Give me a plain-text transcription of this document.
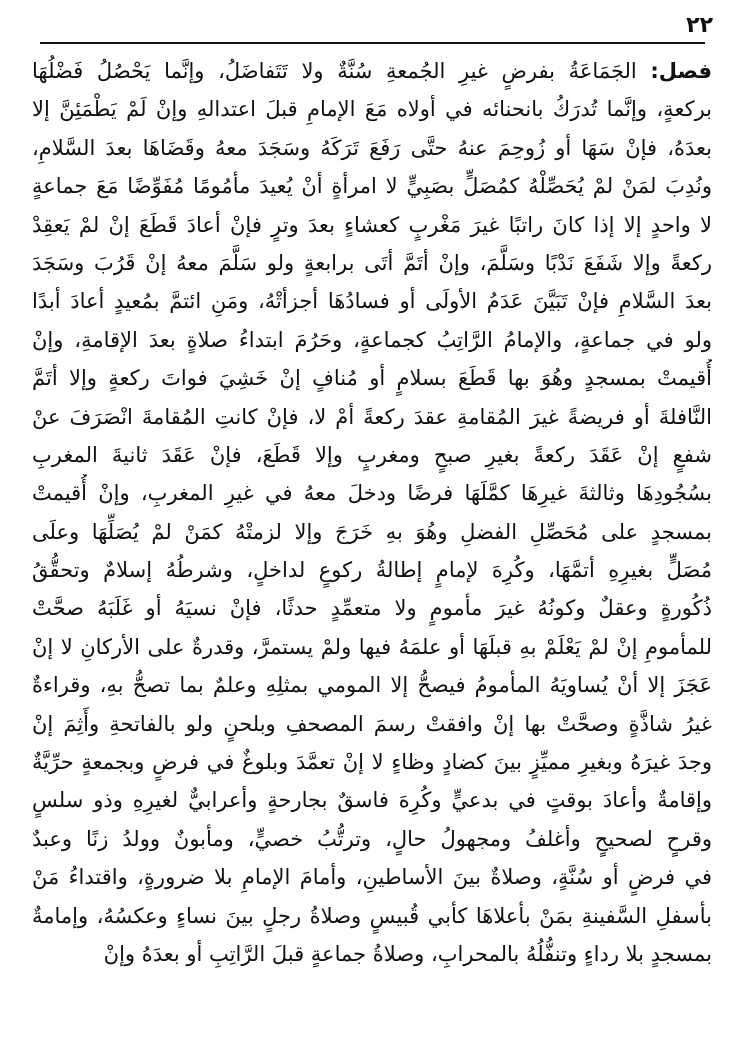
٢٢
فصل: الجَمَاعَةُ بفرضٍ غيرِ الجُمعةِ سُنَّةٌ ولا تَتَفاضَلُ، وإنَّما يَحْصُلُ فَضْلُهَا
بركعةٍ، وإنَّما تُدرَكُ بانحنائه في أولاه مَعَ الإمامِ قبلَ اعتدالهِ وإنْ لَمْ يَطْمَئِنَّ إلا
بعدَهُ، فإنْ سَهَا أو زُوحِمَ عنهُ حتَّى رَفَعَ تَرَكَهُ وسَجَدَ معهُ وقَضَاهَا بعدَ السَّلامِ،
ونُدِبَ لمَنْ لمْ يُحَصِّلْهُ كمُصَلٍّ بصَبِيٍّ لا امرأةٍ أنْ يُعيدَ مأمُومًا مُفَوِّضًا مَعَ جماعةٍ
لا واحدٍ إلا إذا كانَ راتبًا غيرَ مَغْربٍ كعشاءٍ بعدَ وترٍ فإنْ أعادَ قَطَعَ إنْ لمْ يَعقِدْ
ركعةً وإلا شَفَعَ نَدْبًا وسَلَّمَ، وإنْ أتَمَّ أتَى برابعةٍ ولو سَلَّمَ معهُ إنْ قَرُبَ وسَجَدَ
بعدَ السَّلامِ فإنْ تَبَيَّنَ عَدَمُ الأولَى أو فسادُهَا أجزأتْهُ، ومَنِ ائتمَّ بمُعيدٍ أعادَ أبدًا
ولو في جماعةٍ، والإمامُ الرَّاتِبُ كجماعةٍ، وحَرُمَ ابتداءُ صلاةٍ بعدَ الإقامةِ، وإنْ
أُقيمتْ بمسجدٍ وهُوَ بها قَطَعَ بسلامٍ أو مُنافٍ إنْ خَشِيَ فواتَ ركعةٍ وإلا أتَمَّ
النَّافلةَ أو فريضةً غيرَ المُقامةِ عقدَ ركعةً أمْ لا، فإنْ كانتِ المُقامةَ انْصَرَفَ عنْ
شفعٍ إنْ عَقَدَ ركعةً بغيرِ صبحٍ ومغربٍ وإلا قَطَعَ، فإنْ عَقَدَ ثانيةَ المغربِ
بسُجُودِهَا وثالثةَ غيرِهَا كمَّلَهَا فرضًا ودخلَ معهُ في غيرِ المغربِ، وإنْ أُقيمتْ
بمسجدٍ على مُحَصِّلِ الفضلِ وهُوَ بهِ خَرَجَ وإلا لزمتْهُ كمَنْ لمْ يُصَلِّهَا وعلَى
مُصَلٍّ بغيرِهِ أتمَّهَا، وكُرِهَ لإمامٍ إطالةُ ركوعٍ لداخلٍ، وشرطُهُ إسلامٌ وتحقُّقُ
ذُكُورةٍ وعقلٌ وكونُهُ غيرَ مأمومٍ ولا متعمِّدٍ حدثًا، فإنْ نسيَهُ أو غَلَبَهُ صحَّتْ
للمأمومِ إنْ لمْ يَعْلَمْ بهِ قبلَهَا أو علمَهُ فيها ولمْ يستمرَّ، وقدرةٌ على الأركانِ لا إنْ
عَجَزَ إلا أنْ يُساويَهُ المأمومُ فيصحُّ إلا المومي بمثلِهِ وعلمٌ بما تصحُّ بهِ، وقراءةٌ
غيرُ شاذَّةٍ وصحَّتْ بها إنْ وافقتْ رسمَ المصحفِ وبلحنٍ ولو بالفاتحةِ وأَثِمَ إنْ
وجدَ غيرَهُ وبغيرِ مميِّزٍ بينَ كضادٍ وظاءٍ لا إنْ تعمَّدَ وبلوغٌ في فرضٍ وبجمعةٍ حرِّيَّةٌ
وإقامةٌ وأعادَ بوقتٍ في بدعيٍّ وكُرِهَ فاسقٌ بجارحةٍ وأعرابيٌّ لغيرِهِ وذو سلسٍ
وقرحٍ لصحيحٍ وأغلفُ ومجهولُ حالٍ، وترتُّبُ خصيٍّ، ومأبونٌ وولدُ زنًا وعبدٌ
في فرضٍ أو سُنَّةٍ، وصلاةٌ بينَ الأساطينِ، وأمامَ الإمامِ بلا ضرورةٍ، واقتداءُ مَنْ
بأسفلِ السَّفينةِ بمَنْ بأعلاهَا كأبي قُبيسٍ وصلاةُ رجلٍ بينَ نساءٍ وعكسُهُ، وإمامةٌ
بمسجدٍ بلا رداءٍ وتنفُّلُهُ بالمحرابِ، وصلاةُ جماعةٍ قبلَ الرَّاتِبِ أو بعدَهُ وإنْ
